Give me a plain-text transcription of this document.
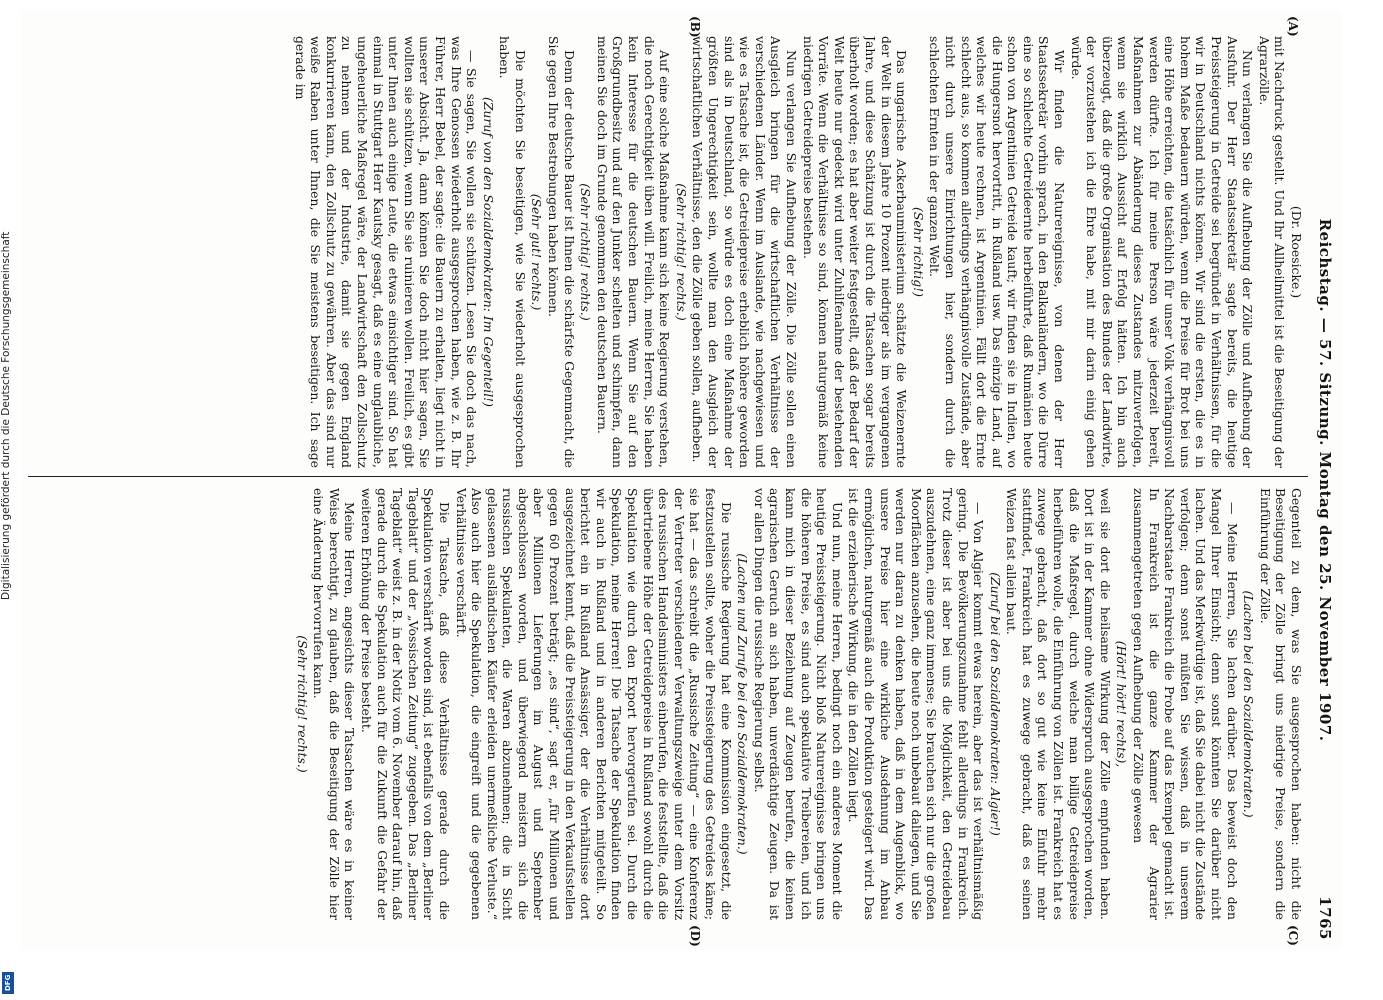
Reichstag. — 57. Sitzung. Montag den 25. November 1907.
1765
(A)
(B)
(C)
(D)

(Dr. Roesicke.)

mit Nachdruck gestellt. Und Ihr Allheilmittel ist die Beseitigung der Agrarzölle.

Nun verlangen Sie die Aufhebung der Zölle und Aufhebung der Ausfuhr. Der Herr Staatssekretär sagte bereits, die heutige Preissteigerung in Getreide sei begründet in Verhältnissen, für die wir in Deutschland nichts können. Wir sind die ersten, die es in hohem Maße bedauern würden, wenn die Preise für Brot bei uns eine Höhe erreichten, die tatsächlich für unser Volk verhängnisvoll werden dürfte. Ich für meine Person wäre jederzeit bereit, Maßnahmen zur Abänderung dieses Zustandes mitzuverfolgen, wenn sie wirklich Aussicht auf Erfolg hätten. Ich bin auch überzeugt, daß die große Organisation des Bundes der Landwirte, der vorzustehen ich die Ehre habe, mit mir darin einig gehen würde.

Wir finden die Naturereignisse, von denen der Herr Staatssekretär vorhin sprach, in den Balkanländern, wo die Dürre eine so schlechte Getreideernte herbeiführte, daß Rumänien heute schon von Argentinien Getreide kauft; wir finden sie in Indien, wo die Hungersnot hervortritt, in Rußland usw. Das einzige Land, auf welches wir heute rechnen, ist Argentinien. Fällt dort die Ernte schlecht aus, so kommen allerdings verhängnisvolle Zustände, aber nicht durch unsere Einrichtungen hier, sondern durch die schlechten Ernten in der ganzen Welt.

(Sehr richtig!)

Das ungarische Ackerbauministerium schätzte die Weizenernte der Welt in diesem Jahre 10 Prozent niedriger als im vergangenen Jahre, und diese Schätzung ist durch die Tatsachen sogar bereits überholt worden; es hat aber weiter festgestellt, daß der Bedarf der Welt heute nur gedeckt wird unter Zuhilfenahme der bestehenden Vorräte. Wenn die Verhältnisse so sind, können naturgemäß keine niedrigen Getreidepreise bestehen.

Nun verlangen Sie Aufhebung der Zölle. Die Zölle sollen einen Ausgleich bringen für die wirtschaftlichen Verhältnisse der verschiedenen Länder. Wenn im Auslande, wie nachgewiesen und wie es Tatsache ist, die Getreidepreise erheblich höhere geworden sind als in Deutschland, so würde es doch eine Maßnahme der größten Ungerechtigkeit sein, wollte man den Ausgleich der wirtschaftlichen Verhältnisse, den die Zölle geben sollen, aufheben.

(Sehr richtig! rechts.)

Auf eine solche Maßnahme kann sich keine Regierung verstehen, die noch Gerechtigkeit üben will. Freilich, meine Herren, Sie haben kein Interesse für die deutschen Bauern. Wenn Sie auf den Großgrundbesitz und auf den Junker schelten und schimpfen, dann meinen Sie doch im Grunde genommen den deutschen Bauern.

(Sehr richtig! rechts.)

Denn der deutsche Bauer ist Ihnen die schärfste Gegenmacht, die Sie gegen Ihre Bestrebungen haben können.

(Sehr gut! rechts.)

Die möchten Sie beseitigen, wie Sie wiederholt ausgesprochen haben.

(Zuruf von den Sozialdemokraten: Im Gegenteil!)

— Sie sagen, Sie wollen sie schützen. Lesen Sie doch das nach, was Ihre Genossen wiederholt ausgesprochen haben, wie z. B. Ihr Führer, Herr Bebel, der sagte: die Bauern zu erhalten, liegt nicht in unserer Absicht. Ja, dann können Sie doch nicht hier sagen, Sie wollten sie schützen, wenn Sie sie ruinieren wollen. Freilich, es gibt unter Ihnen auch einige Leute, die etwas einsichtiger sind. So hat einmal in Stuttgart Herr Kautsky gesagt, daß es eine unglaubliche, ungeheuerliche Maßregel wäre, der Landwirtschaft den Zollschutz zu nehmen und der Industrie, damit sie gegen England konkurrieren kann, den Zollschutz zu gewähren. Aber das sind nur weiße Raben unter Ihnen, die Sie meistens beseitigen. Ich sage gerade im

Gegenteil zu dem, was Sie ausgesprochen haben: nicht die Beseitigung der Zölle bringt uns niedrige Preise, sondern die Einführung der Zölle.

(Lachen bei den Sozialdemokraten.)

— Meine Herren, Sie lachen darüber. Das beweist doch den Mangel Ihrer Einsicht; denn sonst könnten Sie darüber nicht lachen. Und das Merkwürdige ist, daß Sie dabei nicht die Zustände verfolgen; denn sonst müßten Sie wissen, daß in unserem Nachbarstaate Frankreich die Probe auf das Exempel gemacht ist. In Frankreich ist die ganze Kammer der Agrarier zusammengetreten gegen Aufhebung der Zölle gewesen

(Hört! hört! rechts),

weil sie dort die heilsame Wirkung der Zölle empfunden haben. Dort ist in der Kammer ohne Widerspruch ausgesprochen worden, daß die Maßregel, durch welche man billige Getreidepreise herbeiführen wolle, die Einführung von Zöllen ist. Frankreich hat es zuwege gebracht, daß dort so gut wie keine Einfuhr mehr stattfindet, Frankreich hat es zuwege gebracht, daß es seinen Weizen fast allein baut.

(Zuruf bei den Sozialdemokraten: Algier!)

— Von Algier kommt etwas herein, aber das ist verhältnismäßig gering. Die Bevölkerungszunahme fehlt allerdings in Frankreich. Trotz dieser ist aber bei uns die Möglichkeit, den Getreidebau auszudehnen, eine ganz immense; Sie brauchen sich nur die großen Moorflächen anzusehen, die heute noch unbebaut daliegen, und Sie werden nur daran zu denken haben, daß in dem Augenblick, wo unsere Preise hier eine wirkliche Ausdehnung im Anbau ermöglichen, naturgemäß auch die Produktion gesteigert wird. Das ist die erzieherische Wirkung, die in den Zöllen liegt.

Und nun, meine Herren, bedingt noch ein anderes Moment die heutige Preissteigerung. Nicht bloß Naturereignisse bringen uns die höheren Preise, es sind auch spekulative Treibereien, und ich kann mich in dieser Beziehung auf Zeugen berufen, die keinen agrarischen Geruch an sich haben, unverdächtige Zeugen. Da ist vor allen Dingen die russische Regierung selbst.

(Lachen und Zurufe bei den Sozialdemokraten.)

Die russische Regierung hat eine Kommission eingesetzt, die festzustellen sollte, woher die Preissteigerung des Getreides käme; sie hat — das schreibt die „Russische Zeitung“ — eine Konferenz der Vertreter verschiedener Verwaltungszweige unter dem Vorsitz des russischen Handelsministers einberufen, die feststellte, daß die übertriebene Höhe der Getreidepreise in Rußland sowohl durch die Spekulation wie durch den Export hervorgerufen sei. Durch die Spekulation, meine Herren! Die Tatsache der Spekulation finden wir auch in Rußland und in anderen Berichten mitgeteilt. So berichtet ein in Rußland Ansässiger, der die Verhältnisse dort ausgezeichnet kennt, daß die Preissteigerung in den Verkaufsstellen gegen 60 Prozent beträgt; „es sind“, sagt er, „für Millionen und aber Millionen Lieferungen im August und September abgeschlossen worden, und überwiegend meistern sich die russischen Spekulanten, die Waren abzunehmen; die in Sicht gelassenen ausländischen Käufer erleiden unermeßliche Verluste.“ Also auch hier die Spekulation, die eingreift und die gegebenen Verhältnisse verschärft.

Die Tatsache, daß diese Verhältnisse gerade durch die Spekulation verschärft worden sind, ist ebenfalls von dem „Berliner Tageblatt“ und der „Vossischen Zeitung“ zugegeben. Das „Berliner Tageblatt“ weist z. B. in der Notiz vom 6. November darauf hin, daß gerade durch die Spekulation auch für die Zukunft die Gefahr der weiteren Erhöhung der Preise besteht.

Meine Herren, angesichts dieser Tatsachen wäre es in keiner Weise berechtigt, zu glauben, daß die Beseitigung der Zölle hier eine Änderung hervorrufen kann.

(Sehr richtig! rechts.)

Digitalisierung gefördert durch die Deutsche Forschungsgemeinschaft
DFG
